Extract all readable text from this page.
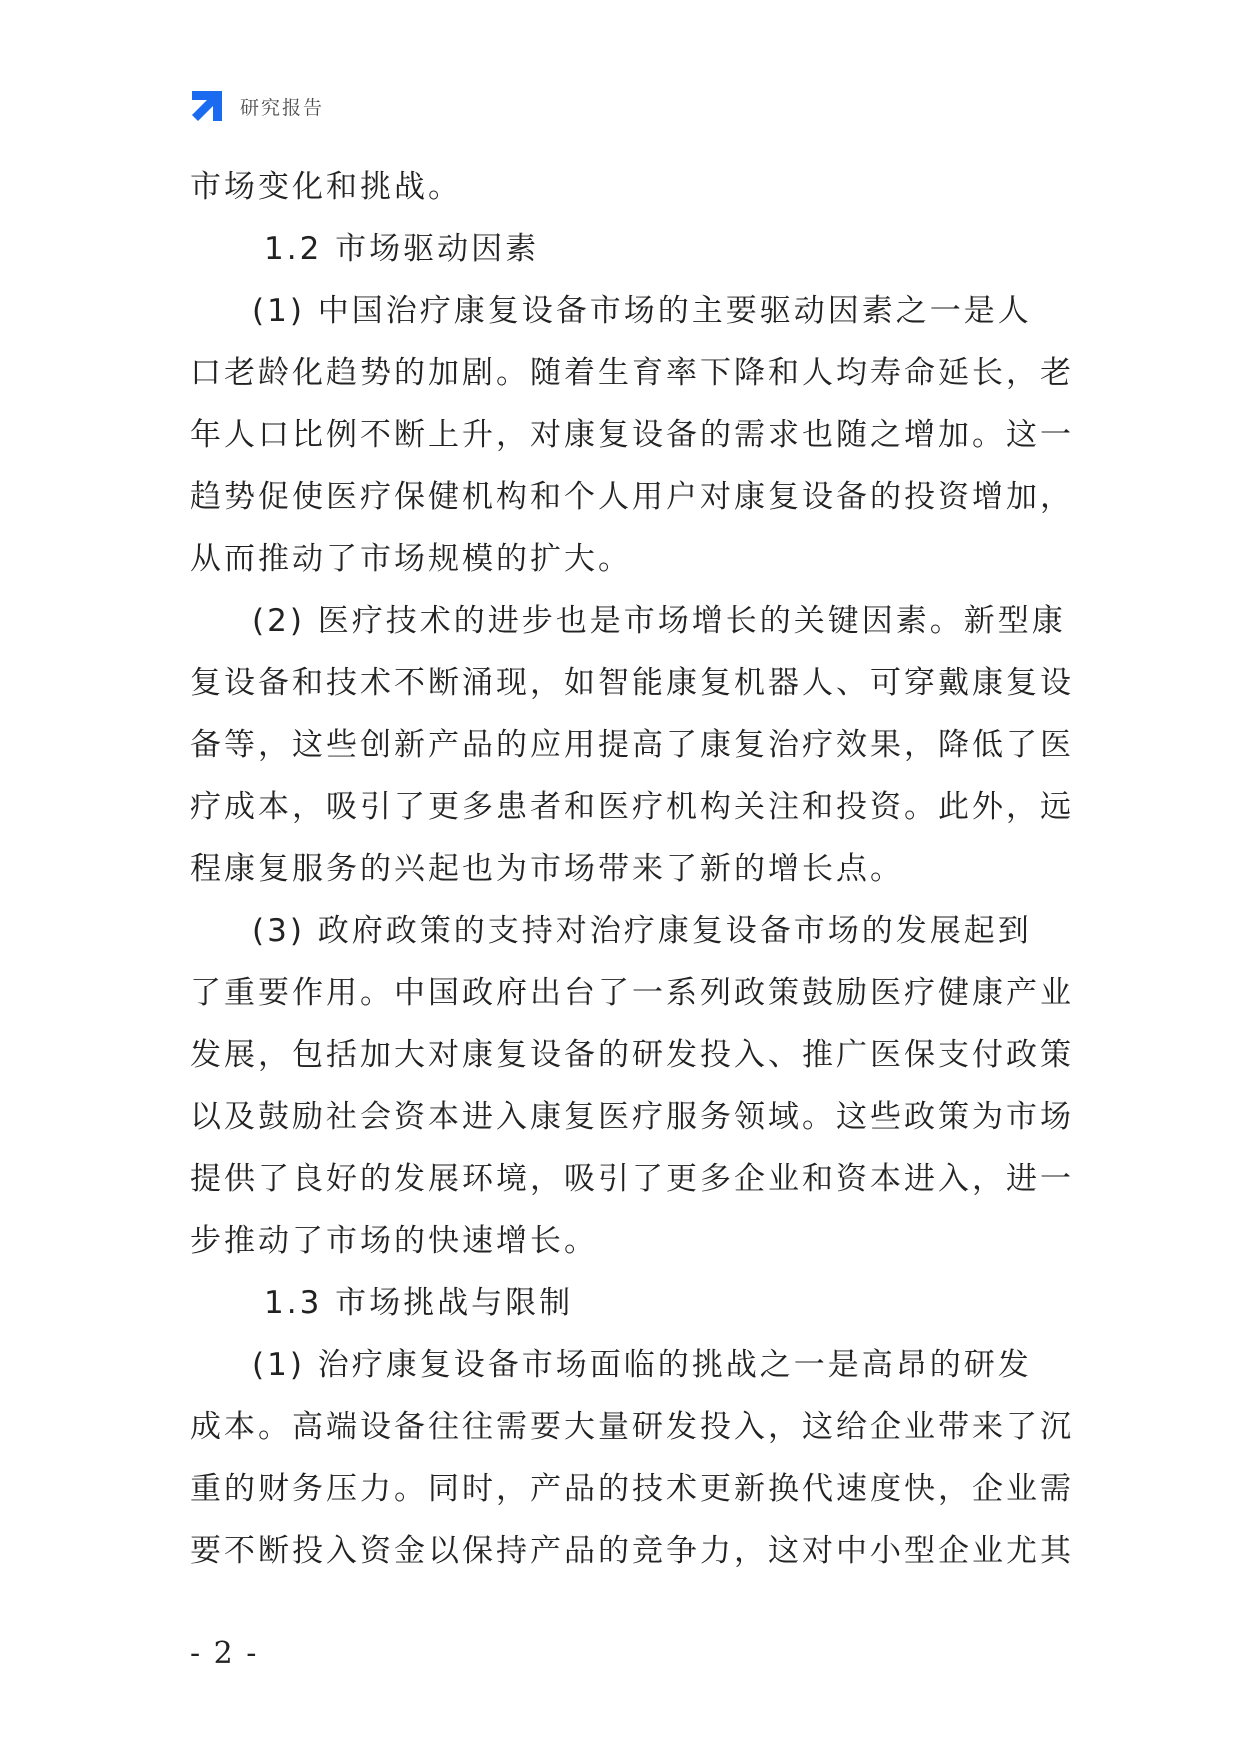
研究报告
市场变化和挑战。
1.2 市场驱动因素
(1) 中国治疗康复设备市场的主要驱动因素之一是人
口老龄化趋势的加剧。随着生育率下降和人均寿命延长，老
年人口比例不断上升，对康复设备的需求也随之增加。这一
趋势促使医疗保健机构和个人用户对康复设备的投资增加，
从而推动了市场规模的扩大。
(2) 医疗技术的进步也是市场增长的关键因素。新型康
复设备和技术不断涌现，如智能康复机器人、可穿戴康复设
备等，这些创新产品的应用提高了康复治疗效果，降低了医
疗成本，吸引了更多患者和医疗机构关注和投资。此外，远
程康复服务的兴起也为市场带来了新的增长点。
(3) 政府政策的支持对治疗康复设备市场的发展起到
了重要作用。中国政府出台了一系列政策鼓励医疗健康产业
发展，包括加大对康复设备的研发投入、推广医保支付政策
以及鼓励社会资本进入康复医疗服务领域。这些政策为市场
提供了良好的发展环境，吸引了更多企业和资本进入，进一
步推动了市场的快速增长。
1.3 市场挑战与限制
(1) 治疗康复设备市场面临的挑战之一是高昂的研发
成本。高端设备往往需要大量研发投入，这给企业带来了沉
重的财务压力。同时，产品的技术更新换代速度快，企业需
要不断投入资金以保持产品的竞争力，这对中小型企业尤其
- 2 -
